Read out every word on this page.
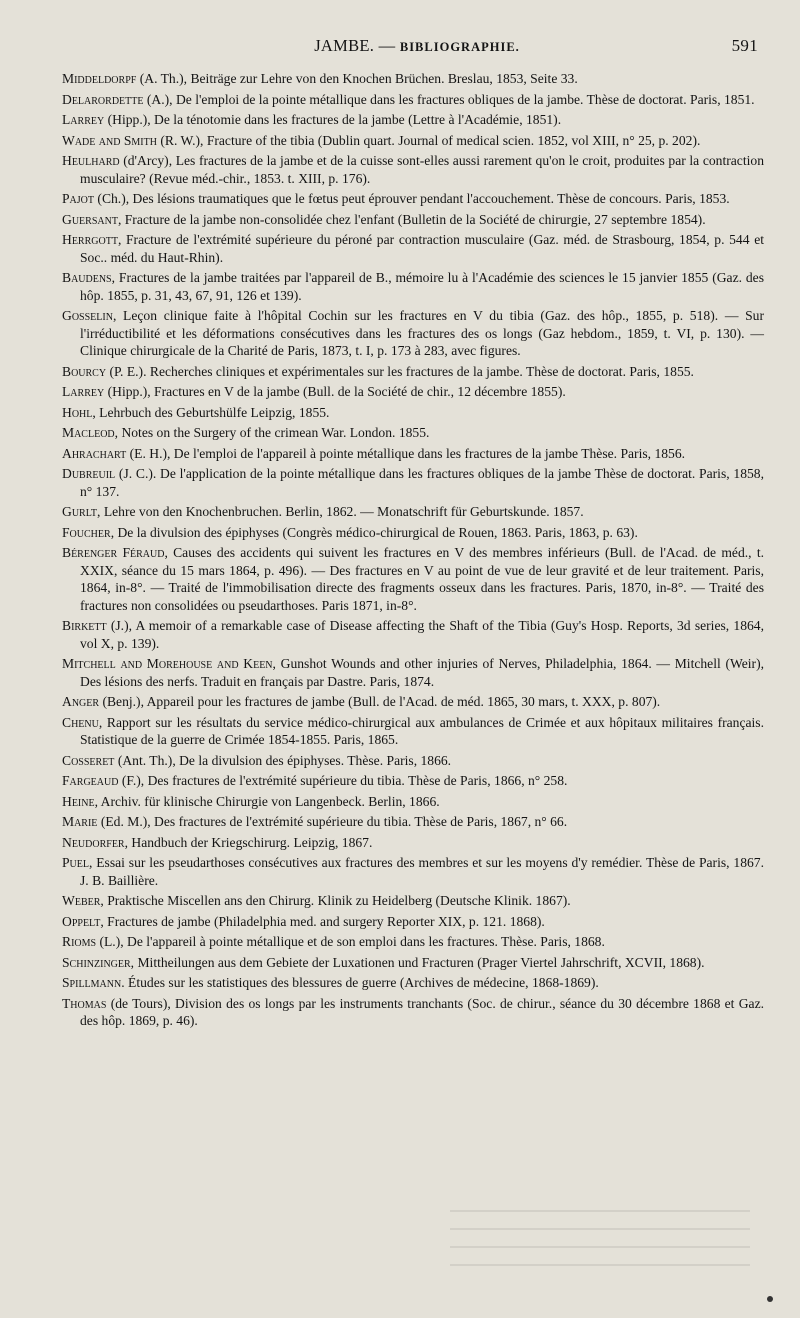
JAMBE. — BIBLIOGRAPHIE.	591

Middeldorpf (A. Th.), Beiträge zur Lehre von den Knochen Brüchen. Breslau, 1853, Seite 33.

Delarordette (A.), De l'emploi de la pointe métallique dans les fractures obliques de la jambe. Thèse de doctorat. Paris, 1851.

Larrey (Hipp.), De la ténotomie dans les fractures de la jambe (Lettre à l'Académie, 1851).

Wade and Smith (R. W.), Fracture of the tibia (Dublin quart. Journal of medical scien. 1852, vol XIII, n° 25, p. 202).

Heulhard (d'Arcy), Les fractures de la jambe et de la cuisse sont-elles aussi rarement qu'on le croit, produites par la contraction musculaire? (Revue méd.-chir., 1853. t. XIII, p. 176).

Pajot (Ch.), Des lésions traumatiques que le fœtus peut éprouver pendant l'accouchement. Thèse de concours. Paris, 1853.

Guersant, Fracture de la jambe non-consolidée chez l'enfant (Bulletin de la Société de chirurgie, 27 septembre 1854).

Herrgott, Fracture de l'extrémité supérieure du péroné par contraction musculaire (Gaz. méd. de Strasbourg, 1854, p. 544 et Soc.. méd. du Haut-Rhin).

Baudens, Fractures de la jambe traitées par l'appareil de B., mémoire lu à l'Académie des sciences le 15 janvier 1855 (Gaz. des hôp. 1855, p. 31, 43, 67, 91, 126 et 139).

Gosselin, Leçon clinique faite à l'hôpital Cochin sur les fractures en V du tibia (Gaz. des hôp., 1855, p. 518). — Sur l'irréductibilité et les déformations consécutives dans les fractures des os longs (Gaz hebdom., 1859, t. VI, p. 130). — Clinique chirurgicale de la Charité de Paris, 1873, t. I, p. 173 à 283, avec figures.

Bourcy (P. E.). Recherches cliniques et expérimentales sur les fractures de la jambe. Thèse de doctorat. Paris, 1855.

Larrey (Hipp.), Fractures en V de la jambe (Bull. de la Société de chir., 12 décembre 1855).

Hohl, Lehrbuch des Geburtshülfe Leipzig, 1855.

Macleod, Notes on the Surgery of the crimean War. London. 1855.

Ahrachart (E. H.), De l'emploi de l'appareil à pointe métallique dans les fractures de la jambe Thèse. Paris, 1856.

Dubreuil (J. C.). De l'application de la pointe métallique dans les fractures obliques de la jambe Thèse de doctorat. Paris, 1858, n° 137.

Gurlt, Lehre von den Knochenbruchen. Berlin, 1862. — Monatschrift für Geburtskunde. 1857.

Foucher, De la divulsion des épiphyses (Congrès médico-chirurgical de Rouen, 1863. Paris, 1863, p. 63).

Bérenger Féraud, Causes des accidents qui suivent les fractures en V des membres inférieurs (Bull. de l'Acad. de méd., t. XXIX, séance du 15 mars 1864, p. 496). — Des fractures en V au point de vue de leur gravité et de leur traitement. Paris, 1864, in-8°. — Traité de l'immobilisation directe des fragments osseux dans les fractures. Paris, 1870, in-8°. — Traité des fractures non consolidées ou pseudarthoses. Paris 1871, in-8°.

Birkett (J.), A memoir of a remarkable case of Disease affecting the Shaft of the Tibia (Guy's Hosp. Reports, 3d series, 1864, vol X, p. 139).

Mitchell and Morehouse and Keen, Gunshot Wounds and other injuries of Nerves, Philadelphia, 1864. — Mitchell (Weir), Des lésions des nerfs. Traduit en français par Dastre. Paris, 1874.

Anger (Benj.), Appareil pour les fractures de jambe (Bull. de l'Acad. de méd. 1865, 30 mars, t. XXX, p. 807).

Chenu, Rapport sur les résultats du service médico-chirurgical aux ambulances de Crimée et aux hôpitaux militaires français. Statistique de la guerre de Crimée 1854-1855. Paris, 1865.

Cosseret (Ant. Th.), De la divulsion des épiphyses. Thèse. Paris, 1866.

Fargeaud (F.), Des fractures de l'extrémité supérieure du tibia. Thèse de Paris, 1866, n° 258.

Heine, Archiv. für klinische Chirurgie von Langenbeck. Berlin, 1866.

Marie (Ed. M.), Des fractures de l'extrémité supérieure du tibia. Thèse de Paris, 1867, n° 66.

Neudorfer, Handbuch der Kriegschirurg. Leipzig, 1867.

Puel, Essai sur les pseudarthoses consécutives aux fractures des membres et sur les moyens d'y remédier. Thèse de Paris, 1867. J. B. Baillière.

Weber, Praktische Miscellen ans den Chirurg. Klinik zu Heidelberg (Deutsche Klinik. 1867).

Oppelt, Fractures de jambe (Philadelphia med. and surgery Reporter XIX, p. 121. 1868).

Rioms (L.), De l'appareil à pointe métallique et de son emploi dans les fractures. Thèse. Paris, 1868.

Schinzinger, Mittheilungen aus dem Gebiete der Luxationen und Fracturen (Prager Viertel Jahrschrift, XCVII, 1868).

Spillmann. Études sur les statistiques des blessures de guerre (Archives de médecine, 1868-1869).

Thomas (de Tours), Division des os longs par les instruments tranchants (Soc. de chirur., séance du 30 décembre 1868 et Gaz. des hôp. 1869, p. 46).
